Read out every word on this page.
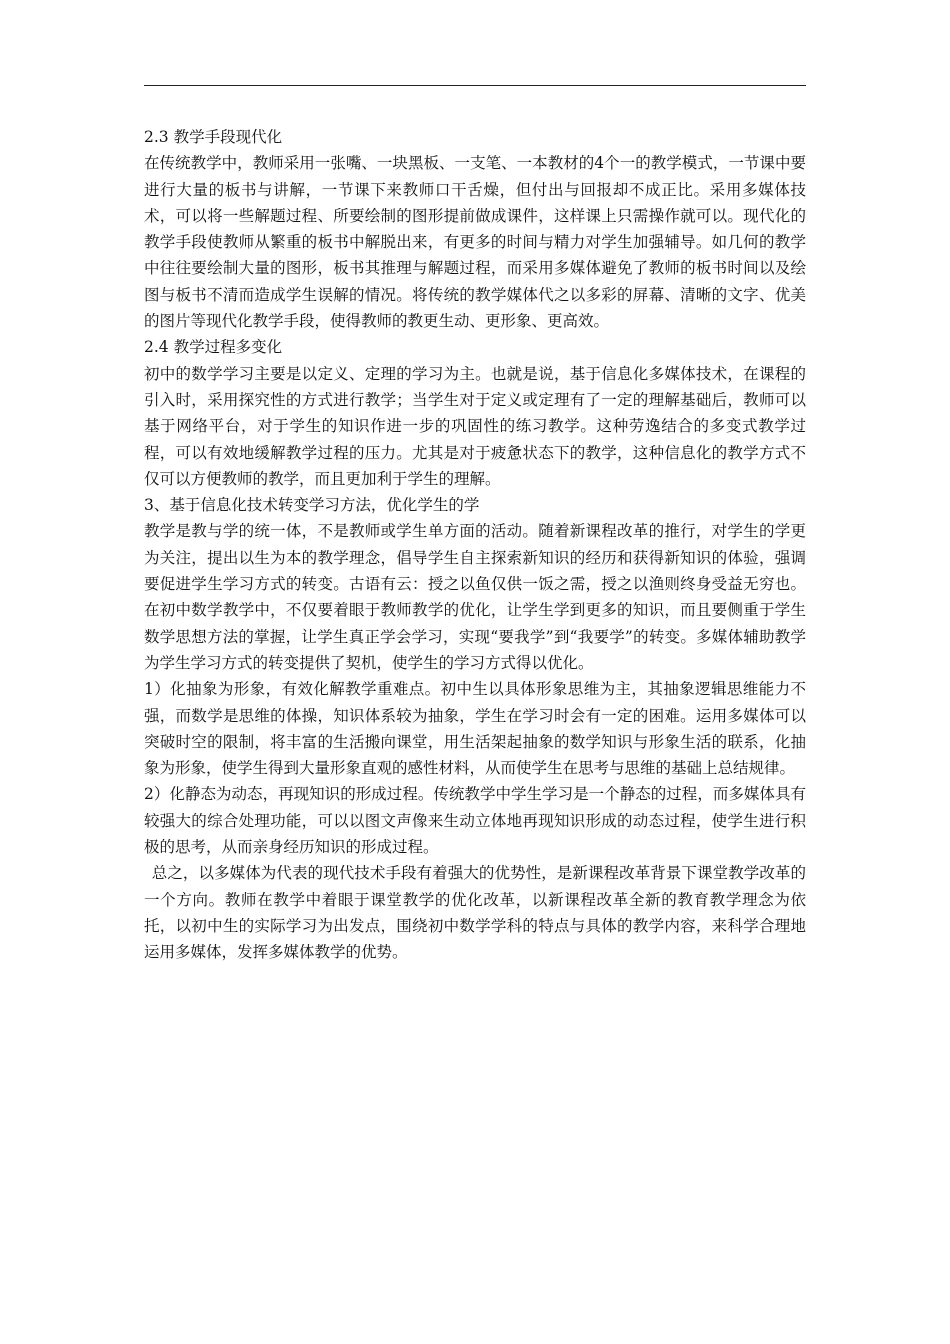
2.3 教学手段现代化

在传统教学中，教师采用一张嘴、一块黑板、一支笔、一本教材的4个一的教学模式，一节课中要进行大量的板书与讲解，一节课下来教师口干舌燥，但付出与回报却不成正比。采用多媒体技术，可以将一些解题过程、所要绘制的图形提前做成课件，这样课上只需操作就可以。现代化的教学手段使教师从繁重的板书中解脱出来，有更多的时间与精力对学生加强辅导。如几何的教学中往往要绘制大量的图形，板书其推理与解题过程，而采用多媒体避免了教师的板书时间以及绘图与板书不清而造成学生误解的情况。将传统的教学媒体代之以多彩的屏幕、清晰的文字、优美的图片等现代化教学手段，使得教师的教更生动、更形象、更高效。

2.4 教学过程多变化

初中的数学学习主要是以定义、定理的学习为主。也就是说，基于信息化多媒体技术，在课程的引入时，采用探究性的方式进行教学；当学生对于定义或定理有了一定的理解基础后，教师可以基于网络平台，对于学生的知识作进一步的巩固性的练习教学。这种劳逸结合的多变式教学过程，可以有效地缓解教学过程的压力。尤其是对于疲惫状态下的教学，这种信息化的教学方式不仅可以方便教师的教学，而且更加利于学生的理解。

3、基于信息化技术转变学习方法，优化学生的学

教学是教与学的统一体，不是教师或学生单方面的活动。随着新课程改革的推行，对学生的学更为关注，提出以生为本的教学理念，倡导学生自主探索新知识的经历和获得新知识的体验，强调要促进学生学习方式的转变。古语有云：授之以鱼仅供一饭之需，授之以渔则终身受益无穷也。在初中数学教学中，不仅要着眼于教师教学的优化，让学生学到更多的知识，而且要侧重于学生数学思想方法的掌握，让学生真正学会学习，实现“要我学”到“我要学”的转变。多媒体辅助教学为学生学习方式的转变提供了契机，使学生的学习方式得以优化。

1）化抽象为形象，有效化解教学重难点。初中生以具体形象思维为主，其抽象逻辑思维能力不强，而数学是思维的体操，知识体系较为抽象，学生在学习时会有一定的困难。运用多媒体可以突破时空的限制，将丰富的生活搬向课堂，用生活架起抽象的数学知识与形象生活的联系，化抽象为形象，使学生得到大量形象直观的感性材料，从而使学生在思考与思维的基础上总结规律。

2）化静态为动态，再现知识的形成过程。传统教学中学生学习是一个静态的过程，而多媒体具有较强大的综合处理功能，可以以图文声像来生动立体地再现知识形成的动态过程，使学生进行积极的思考，从而亲身经历知识的形成过程。

总之，以多媒体为代表的现代技术手段有着强大的优势性，是新课程改革背景下课堂教学改革的一个方向。教师在教学中着眼于课堂教学的优化改革，以新课程改革全新的教育教学理念为依托，以初中生的实际学习为出发点，围绕初中数学学科的特点与具体的教学内容，来科学合理地运用多媒体，发挥多媒体教学的优势。
